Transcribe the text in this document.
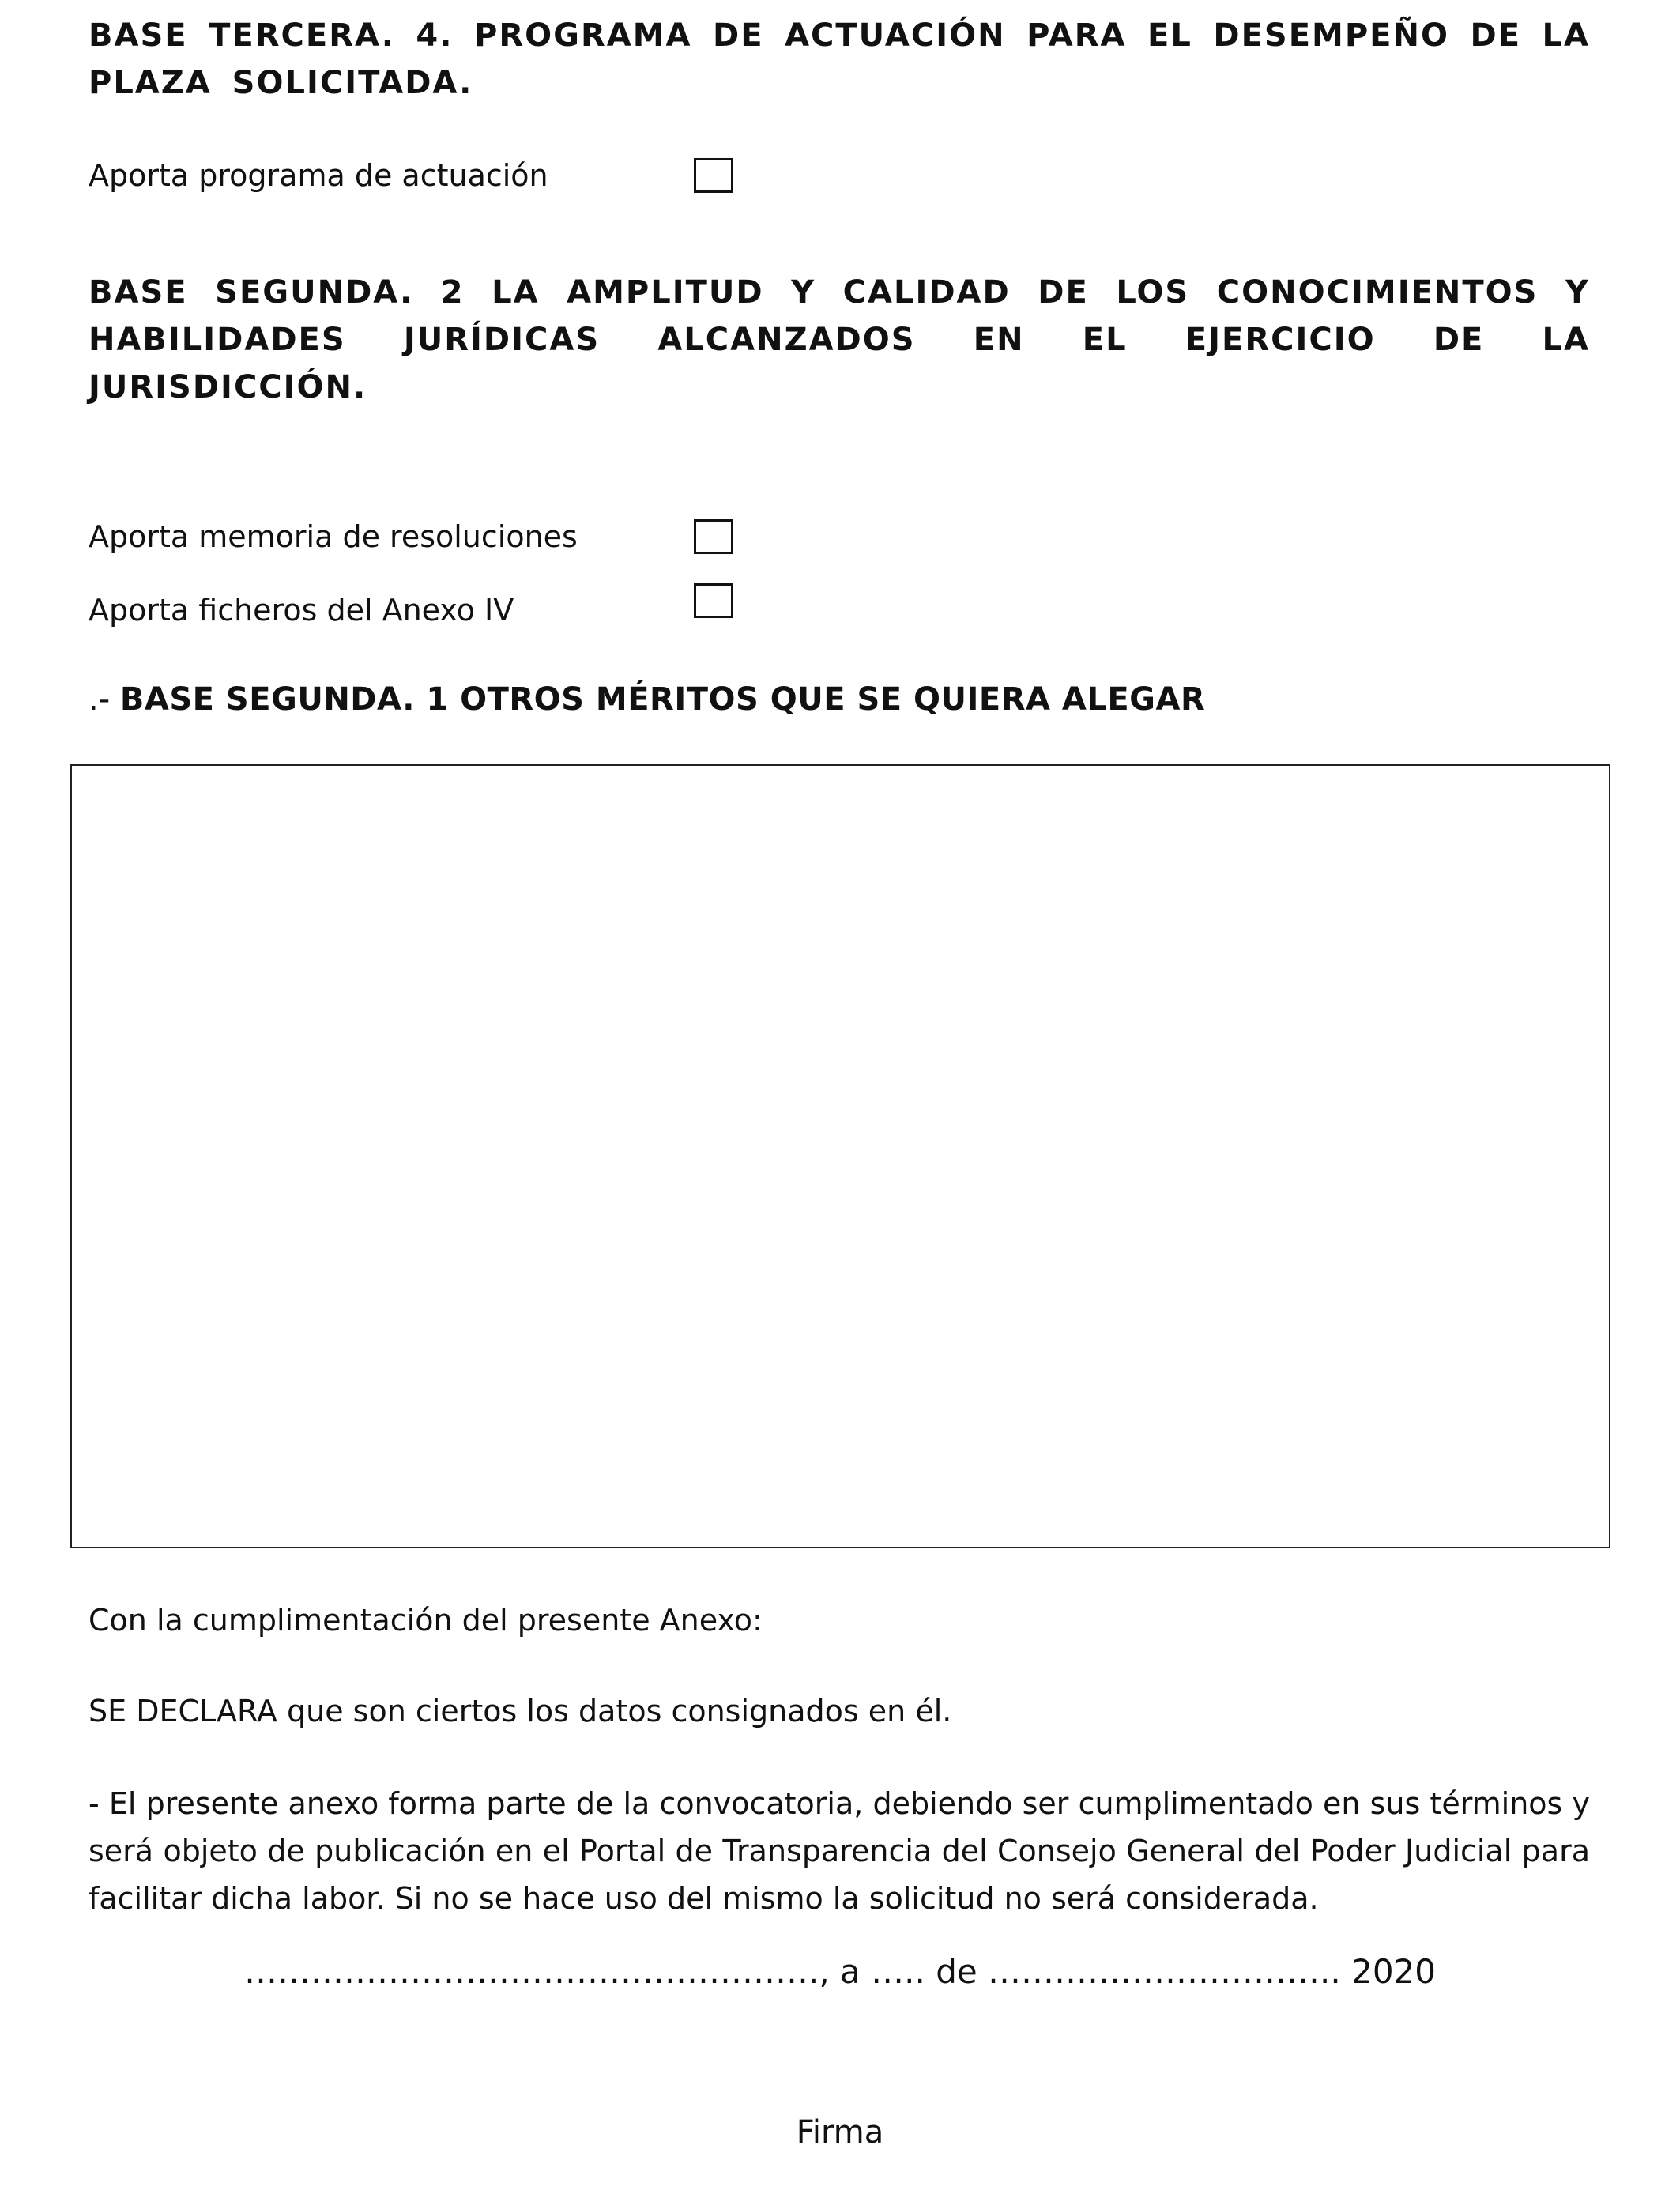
BASE TERCERA. 4. PROGRAMA DE ACTUACIÓN PARA EL DESEMPEÑO DE LA PLAZA SOLICITADA.

Aporta programa de actuación

BASE SEGUNDA. 2 LA AMPLITUD Y CALIDAD DE LOS CONOCIMIENTOS Y HABILIDADES JURÍDICAS ALCANZADOS EN EL EJERCICIO DE LA JURISDICCIÓN.

Aporta memoria de resoluciones

Aporta ficheros del Anexo IV

.- BASE SEGUNDA. 1 OTROS MÉRITOS QUE SE QUIERA ALEGAR

Con la cumplimentación del presente Anexo:

SE DECLARA que son ciertos los datos consignados en él.

- El presente anexo forma parte de la convocatoria, debiendo ser cumplimentado en sus términos y será objeto de publicación en el Portal de Transparencia del Consejo General del Poder Judicial para facilitar dicha labor. Si no se hace uso del mismo la solicitud no será considerada.

……………………………………………., a ….. de ………………………….. 2020

Firma
